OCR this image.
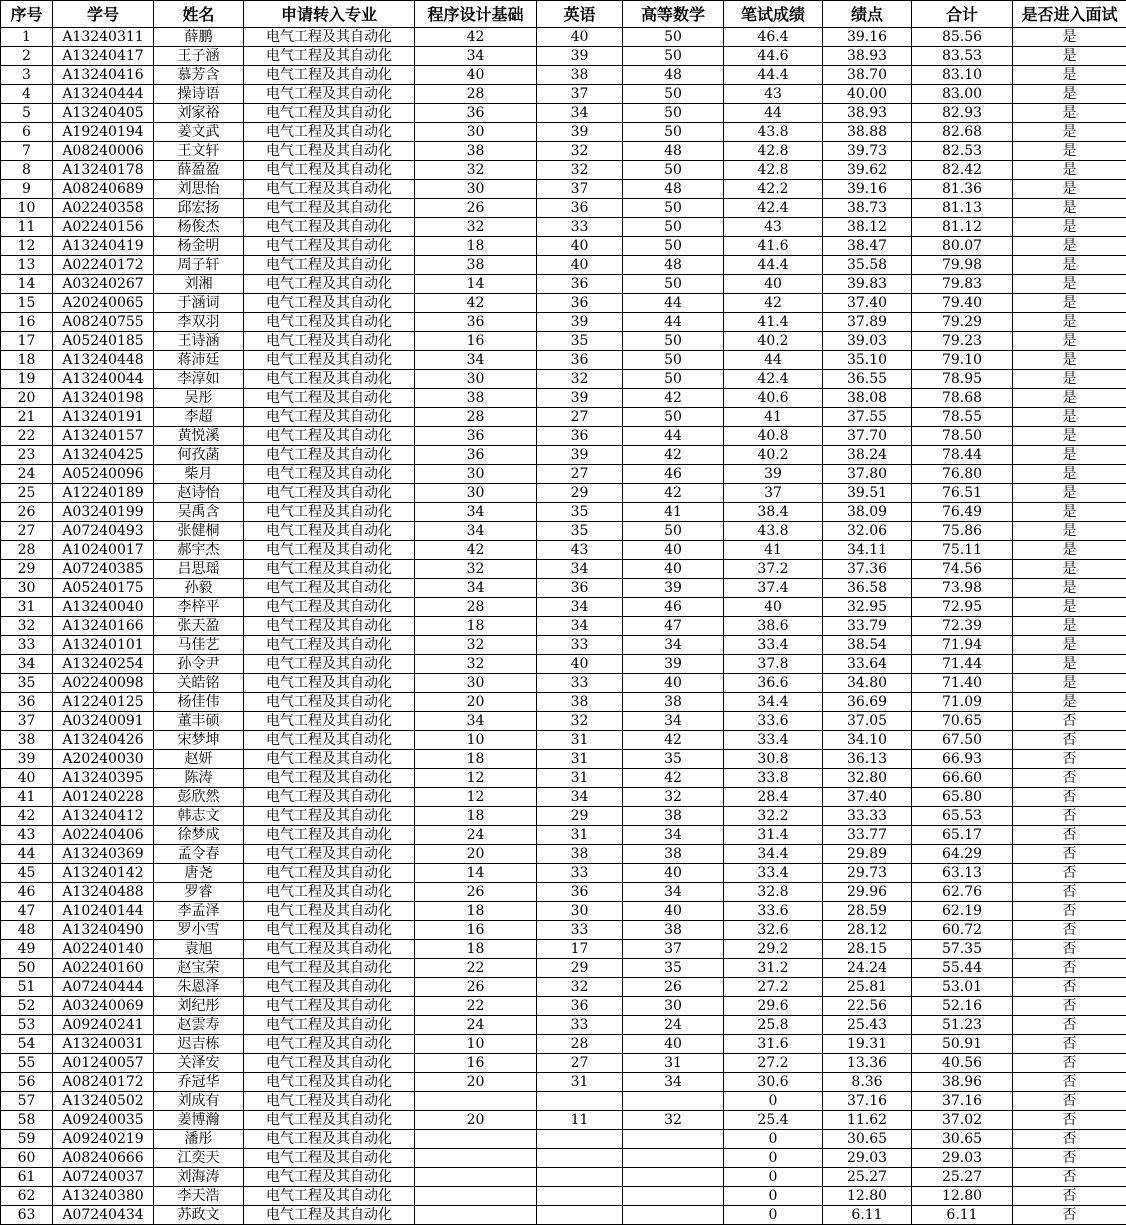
序号	学号	姓名	申请转入专业	程序设计基础	英语	高等数学	笔试成绩	绩点	合计	是否进入面试
1	A13240311	薛鹏	电气工程及其自动化	42	40	50	46.4	39.16	85.56	是
2	A13240417	王子涵	电气工程及其自动化	34	39	50	44.6	38.93	83.53	是
3	A13240416	慕芳含	电气工程及其自动化	40	38	48	44.4	38.70	83.10	是
4	A13240444	操诗语	电气工程及其自动化	28	37	50	43	40.00	83.00	是
5	A13240405	刘家裕	电气工程及其自动化	36	34	50	44	38.93	82.93	是
6	A19240194	姜文武	电气工程及其自动化	30	39	50	43.8	38.88	82.68	是
7	A08240006	王文轩	电气工程及其自动化	38	32	48	42.8	39.73	82.53	是
8	A13240178	薛盈盈	电气工程及其自动化	32	32	50	42.8	39.62	82.42	是
9	A08240689	刘思怡	电气工程及其自动化	30	37	48	42.2	39.16	81.36	是
10	A02240358	邱宏扬	电气工程及其自动化	26	36	50	42.4	38.73	81.13	是
11	A02240156	杨俊杰	电气工程及其自动化	32	33	50	43	38.12	81.12	是
12	A13240419	杨金明	电气工程及其自动化	18	40	50	41.6	38.47	80.07	是
13	A02240172	周子轩	电气工程及其自动化	38	40	48	44.4	35.58	79.98	是
14	A03240267	刘湘	电气工程及其自动化	14	36	50	40	39.83	79.83	是
15	A20240065	于涵词	电气工程及其自动化	42	36	44	42	37.40	79.40	是
16	A08240755	李双羽	电气工程及其自动化	36	39	44	41.4	37.89	79.29	是
17	A05240185	王诗涵	电气工程及其自动化	16	35	50	40.2	39.03	79.23	是
18	A13240448	蒋沛廷	电气工程及其自动化	34	36	50	44	35.10	79.10	是
19	A13240044	李淳如	电气工程及其自动化	30	32	50	42.4	36.55	78.95	是
20	A13240198	吴彤	电气工程及其自动化	38	39	42	40.6	38.08	78.68	是
21	A13240191	李超	电气工程及其自动化	28	27	50	41	37.55	78.55	是
22	A13240157	黄悦溪	电气工程及其自动化	36	36	44	40.8	37.70	78.50	是
23	A13240425	何孜菡	电气工程及其自动化	36	39	42	40.2	38.24	78.44	是
24	A05240096	柴月	电气工程及其自动化	30	27	46	39	37.80	76.80	是
25	A12240189	赵诗怡	电气工程及其自动化	30	29	42	37	39.51	76.51	是
26	A03240199	吴禹含	电气工程及其自动化	34	35	41	38.4	38.09	76.49	是
27	A07240493	张健桐	电气工程及其自动化	34	35	50	43.8	32.06	75.86	是
28	A10240017	郝宇杰	电气工程及其自动化	42	43	40	41	34.11	75.11	是
29	A07240385	吕思瑶	电气工程及其自动化	32	34	40	37.2	37.36	74.56	是
30	A05240175	孙毅	电气工程及其自动化	34	36	39	37.4	36.58	73.98	是
31	A13240040	李梓平	电气工程及其自动化	28	34	46	40	32.95	72.95	是
32	A13240166	张天盈	电气工程及其自动化	18	34	47	38.6	33.79	72.39	是
33	A13240101	马佳艺	电气工程及其自动化	32	33	34	33.4	38.54	71.94	是
34	A13240254	孙令尹	电气工程及其自动化	32	40	39	37.8	33.64	71.44	是
35	A02240098	关皓铭	电气工程及其自动化	30	33	40	36.6	34.80	71.40	是
36	A12240125	杨佳伟	电气工程及其自动化	20	38	38	34.4	36.69	71.09	是
37	A03240091	董丰硕	电气工程及其自动化	34	32	34	33.6	37.05	70.65	否
38	A13240426	宋梦坤	电气工程及其自动化	10	31	42	33.4	34.10	67.50	否
39	A20240030	赵妍	电气工程及其自动化	18	31	35	30.8	36.13	66.93	否
40	A13240395	陈涛	电气工程及其自动化	12	31	42	33.8	32.80	66.60	否
41	A01240228	彭欣然	电气工程及其自动化	12	34	32	28.4	37.40	65.80	否
42	A13240412	韩志文	电气工程及其自动化	18	29	38	32.2	33.33	65.53	否
43	A02240406	徐梦成	电气工程及其自动化	24	31	34	31.4	33.77	65.17	否
44	A13240369	孟令春	电气工程及其自动化	20	38	38	34.4	29.89	64.29	否
45	A13240142	唐尧	电气工程及其自动化	14	33	40	33.4	29.73	63.13	否
46	A13240488	罗睿	电气工程及其自动化	26	36	34	32.8	29.96	62.76	否
47	A10240144	李孟泽	电气工程及其自动化	18	30	40	33.6	28.59	62.19	否
48	A13240490	罗小雪	电气工程及其自动化	16	33	38	32.6	28.12	60.72	否
49	A02240140	袁旭	电气工程及其自动化	18	17	37	29.2	28.15	57.35	否
50	A02240160	赵宝荣	电气工程及其自动化	22	29	35	31.2	24.24	55.44	否
51	A07240444	朱恩泽	电气工程及其自动化	26	32	26	27.2	25.81	53.01	否
52	A03240069	刘纪彤	电气工程及其自动化	22	36	30	29.6	22.56	52.16	否
53	A09240241	赵雲寿	电气工程及其自动化	24	33	24	25.8	25.43	51.23	否
54	A13240031	迟吉栋	电气工程及其自动化	10	28	40	31.6	19.31	50.91	否
55	A01240057	关泽安	电气工程及其自动化	16	27	31	27.2	13.36	40.56	否
56	A08240172	乔冠华	电气工程及其自动化	20	31	34	30.6	8.36	38.96	否
57	A13240502	刘成有	电气工程及其自动化				0	37.16	37.16	否
58	A09240035	姜博瀚	电气工程及其自动化	20	11	32	25.4	11.62	37.02	否
59	A09240219	潘彤	电气工程及其自动化				0	30.65	30.65	否
60	A08240666	江奕天	电气工程及其自动化				0	29.03	29.03	否
61	A07240037	刘海涛	电气工程及其自动化				0	25.27	25.27	否
62	A13240380	李天浩	电气工程及其自动化				0	12.80	12.80	否
63	A07240434	苏政文	电气工程及其自动化				0	6.11	6.11	否
